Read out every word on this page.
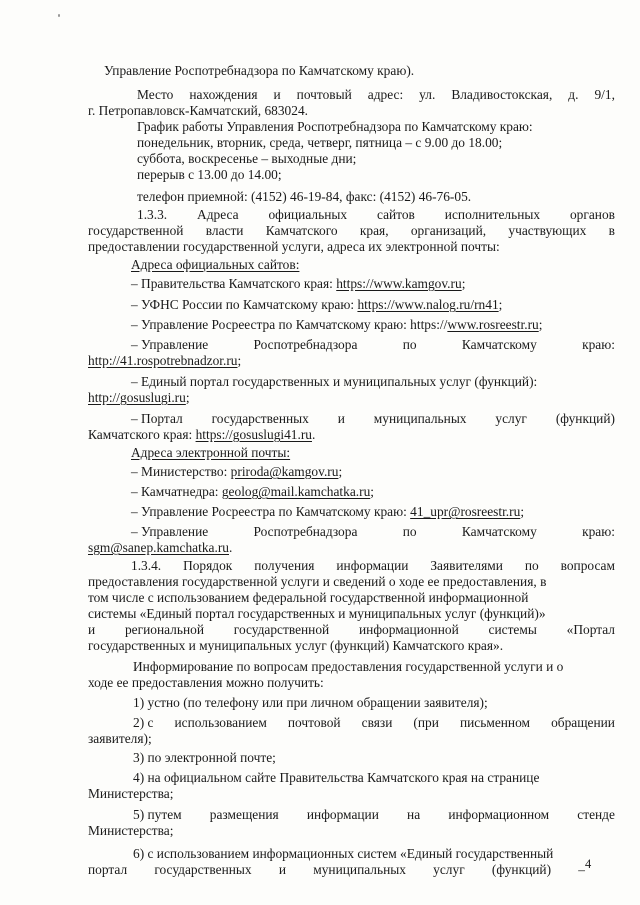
4
Управление Роспотребнадзора по Камчатскому краю).
Место нахождения и почтовый адрес: ул. Владивостокская, д. 9/1,
г. Петропавловск-Камчатский, 683024.
График работы Управления Роспотребнадзора по Камчатскому краю:
понедельник, вторник, среда, четверг, пятница – с 9.00 до 18.00;
суббота, воскресенье – выходные дни;
перерыв с 13.00 до 14.00;
телефон приемной: (4152) 46-19-84, факс: (4152) 46-76-05.
1.3.3. Адреса официальных сайтов исполнительных органов
государственной власти Камчатского края, организаций, участвующих в
предоставлении государственной услуги, адреса их электронной почты:
Адреса официальных сайтов:
– Правительства Камчатского края: https://www.kamgov.ru;
– УФНС России по Камчатскому краю: https://www.nalog.ru/rn41;
– Управление Росреестра по Камчатскому краю: https://www.rosreestr.ru;
– Управление	Роспотребнадзора	по	Камчатскому	краю:
http://41.rospotrebnadzor.ru;
– Единый портал государственных и муниципальных услуг (функций):
http://gosuslugi.ru;
– Портал государственных и муниципальных услуг (функций)
Камчатского края: https://gosuslugi41.ru.
Адреса электронной почты:
– Министерство: priroda@kamgov.ru;
– Камчатнедра: geolog@mail.kamchatka.ru;
– Управление Росреестра по Камчатскому краю: 41_upr@rosreestr.ru;
– Управление	Роспотребнадзора	по	Камчатскому	краю:
sgm@sanep.kamchatka.ru.
1.3.4. Порядок получения информации Заявителями по вопросам
предоставления государственной услуги и сведений о ходе ее предоставления, в
том числе с использованием федеральной государственной информационной
системы «Единый портал государственных и муниципальных услуг (функций)»
и региональной государственной информационной системы «Портал
государственных и муниципальных услуг (функций) Камчатского края».
Информирование по вопросам предоставления государственной услуги и о
ходе ее предоставления можно получить:
1) устно (по телефону или при личном обращении заявителя);
2) с использованием почтовой связи (при письменном обращении
заявителя);
3) по электронной почте;
4) на официальном сайте Правительства Камчатского края на странице
Министерства;
5) путем размещения информации на информационном стенде
Министерства;
6) с использованием информационных систем «Единый государственный
портал государственных и муниципальных услуг (функций) –
